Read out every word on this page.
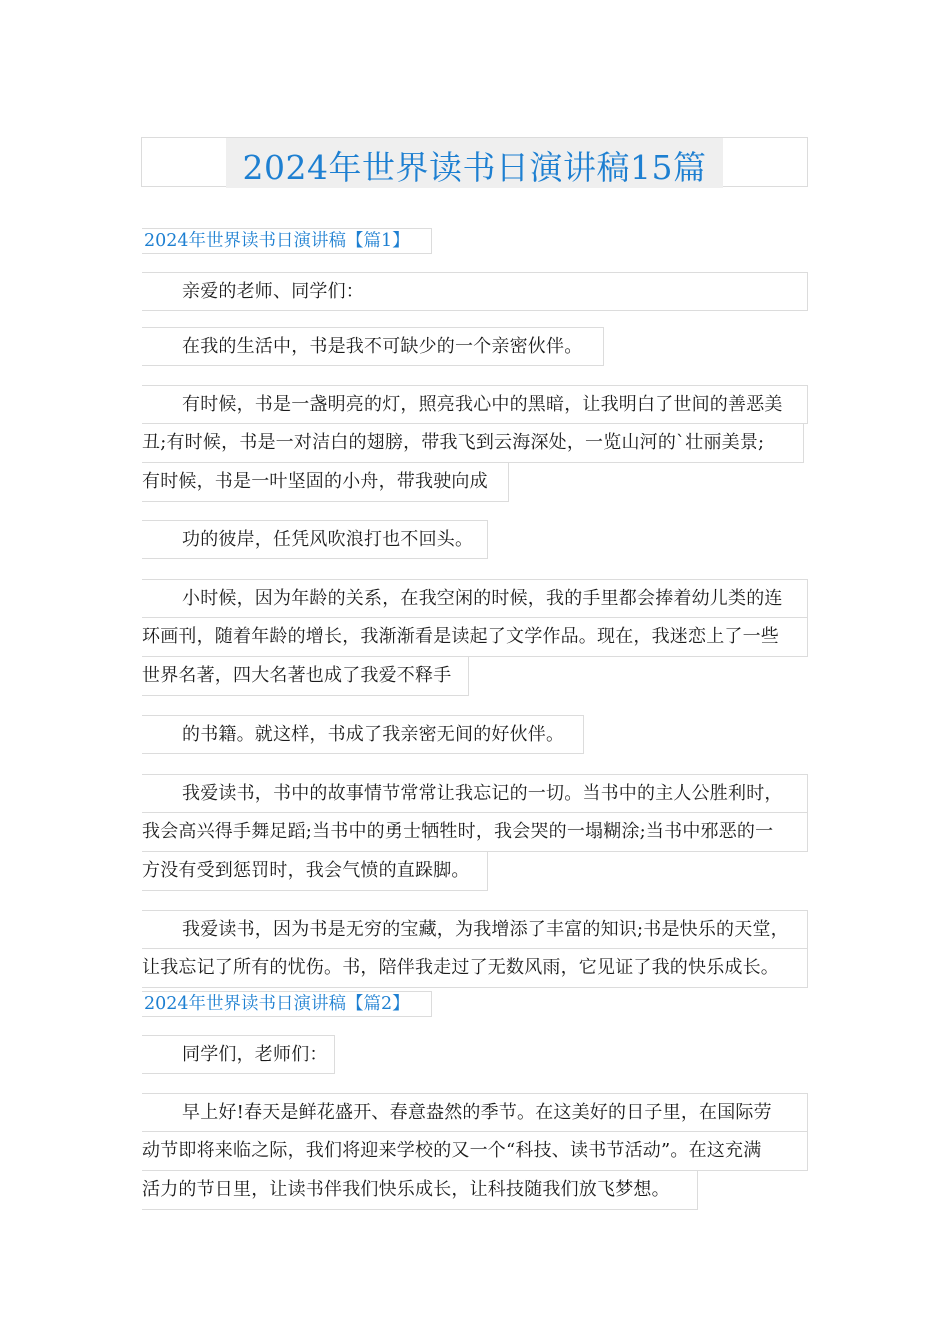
2024年世界读书日演讲稿15篇
2024年世界读书日演讲稿【篇1】
亲爱的老师、同学们：
在我的生活中，书是我不可缺少的一个亲密伙伴。
有时候，书是一盏明亮的灯，照亮我心中的黑暗，让我明白了世间的善恶美
丑;有时候，书是一对洁白的翅膀，带我飞到云海深处，一览山河的`壮丽美景;
有时候，书是一叶坚固的小舟，带我驶向成
功的彼岸，任凭风吹浪打也不回头。
小时候，因为年龄的关系，在我空闲的时候，我的手里都会捧着幼儿类的连
环画刊，随着年龄的增长，我渐渐看是读起了文学作品。现在，我迷恋上了一些
世界名著，四大名著也成了我爱不释手
的书籍。就这样，书成了我亲密无间的好伙伴。
我爱读书，书中的故事情节常常让我忘记的一切。当书中的主人公胜利时，
我会高兴得手舞足蹈;当书中的勇士牺牲时，我会哭的一塌糊涂;当书中邪恶的一
方没有受到惩罚时，我会气愤的直跺脚。
我爱读书，因为书是无穷的宝藏，为我增添了丰富的知识;书是快乐的天堂，
让我忘记了所有的忧伤。书，陪伴我走过了无数风雨，它见证了我的快乐成长。
2024年世界读书日演讲稿【篇2】
同学们，老师们：
早上好!春天是鲜花盛开、春意盎然的季节。在这美好的日子里，在国际劳
动节即将来临之际，我们将迎来学校的又一个“科技、读书节活动”。在这充满
活力的节日里，让读书伴我们快乐成长，让科技随我们放飞梦想。
